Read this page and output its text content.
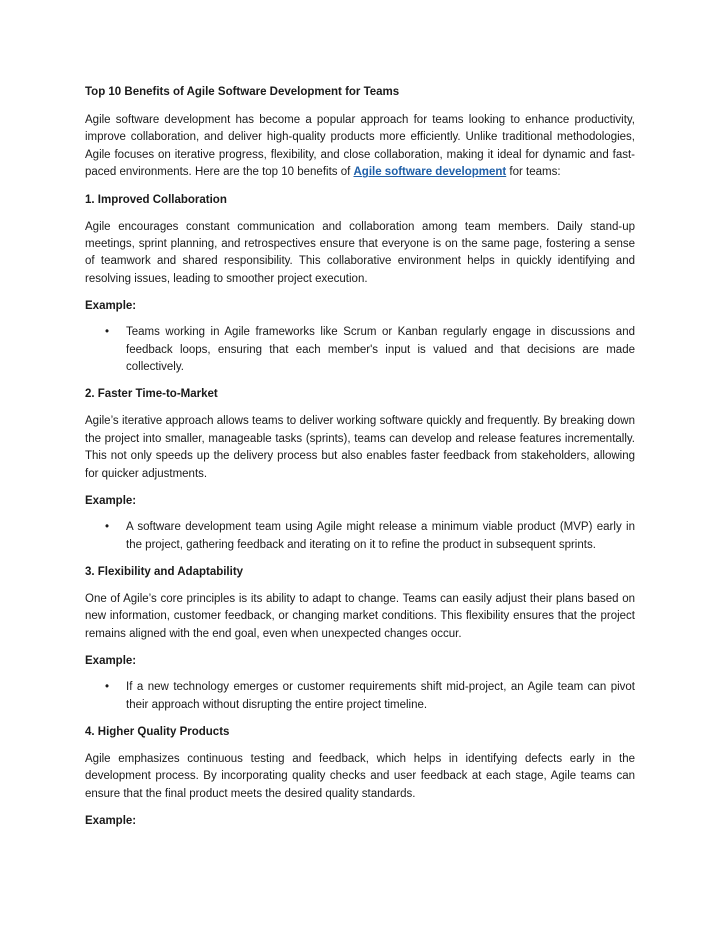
Top 10 Benefits of Agile Software Development for Teams
Agile software development has become a popular approach for teams looking to enhance productivity, improve collaboration, and deliver high-quality products more efficiently. Unlike traditional methodologies, Agile focuses on iterative progress, flexibility, and close collaboration, making it ideal for dynamic and fast-paced environments. Here are the top 10 benefits of Agile software development for teams:
1. Improved Collaboration
Agile encourages constant communication and collaboration among team members. Daily stand-up meetings, sprint planning, and retrospectives ensure that everyone is on the same page, fostering a sense of teamwork and shared responsibility. This collaborative environment helps in quickly identifying and resolving issues, leading to smoother project execution.
Example:
• Teams working in Agile frameworks like Scrum or Kanban regularly engage in discussions and feedback loops, ensuring that each member's input is valued and that decisions are made collectively.
2. Faster Time-to-Market
Agile’s iterative approach allows teams to deliver working software quickly and frequently. By breaking down the project into smaller, manageable tasks (sprints), teams can develop and release features incrementally. This not only speeds up the delivery process but also enables faster feedback from stakeholders, allowing for quicker adjustments.
Example:
• A software development team using Agile might release a minimum viable product (MVP) early in the project, gathering feedback and iterating on it to refine the product in subsequent sprints.
3. Flexibility and Adaptability
One of Agile’s core principles is its ability to adapt to change. Teams can easily adjust their plans based on new information, customer feedback, or changing market conditions. This flexibility ensures that the project remains aligned with the end goal, even when unexpected changes occur.
Example:
• If a new technology emerges or customer requirements shift mid-project, an Agile team can pivot their approach without disrupting the entire project timeline.
4. Higher Quality Products
Agile emphasizes continuous testing and feedback, which helps in identifying defects early in the development process. By incorporating quality checks and user feedback at each stage, Agile teams can ensure that the final product meets the desired quality standards.
Example:
